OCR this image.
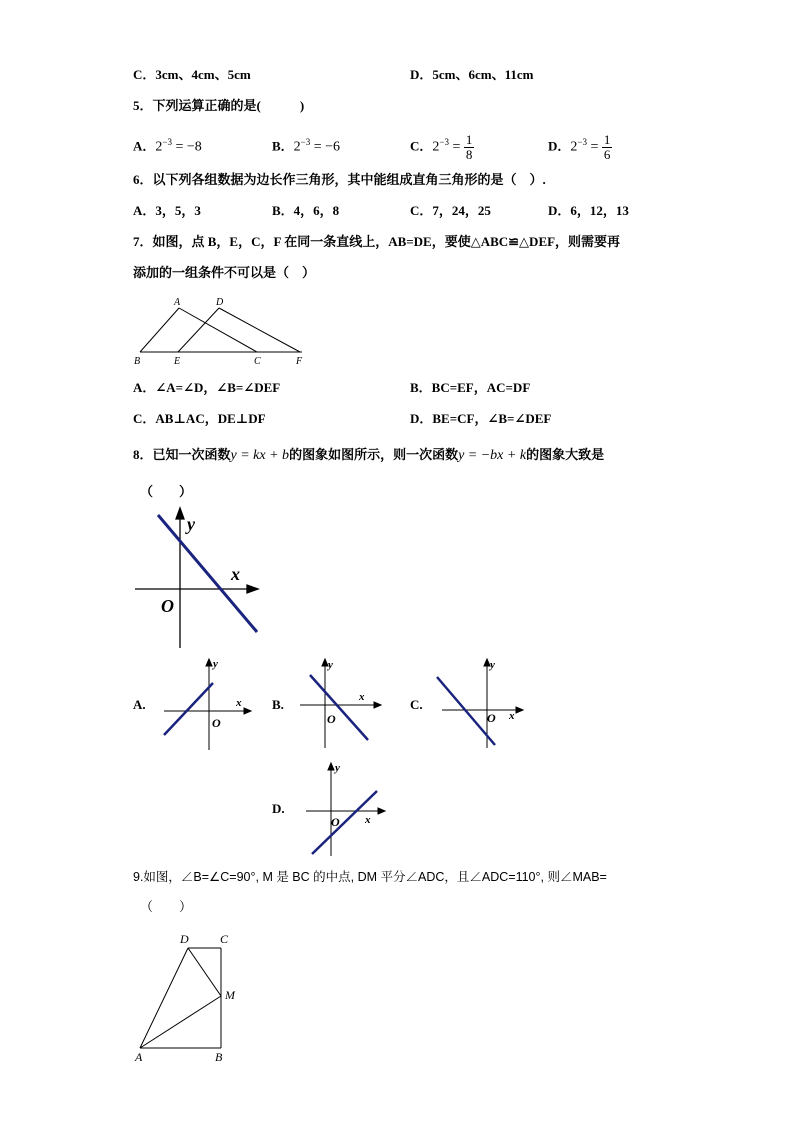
C．3cm、4cm、5cm	D．5cm、6cm、11cm
5．下列运算正确的是(　　　)
A．$2^{-3} = -8$	B．$2^{-3} = -6$	C．$2^{-3} = \frac{1}{8}$	D．$2^{-3} = \frac{1}{6}$
6．以下列各组数据为边长作三角形，其中能组成直角三角形的是（　）.
A．3，5，3	B．4，6，8	C．7，24，25	D．6，12，13
7．如图，点 B，E，C，F 在同一条直线上，AB=DE，要使△ABC≌△DEF，则需要再
添加的一组条件不可以是（　）
A	D
B	E	C	F
A．∠A=∠D，∠B=∠DEF	B．BC=EF，AC=DF
C．AB⊥AC，DE⊥DF	D．BE=CF，∠B=∠DEF
8．已知一次函数y = kx + b的图象如图所示，则一次函数y = −bx + k的图象大致是
（　　）
y
x
O
A.
y
x
O
B.
y
x
O
C.
y
x
O
D.
y
x
O
9.如图，∠B=∠C=90°, M 是 BC 的中点, DM 平分∠ADC，且∠ADC=110°, 则∠MAB=
（　　）
D	C
M
A	B
